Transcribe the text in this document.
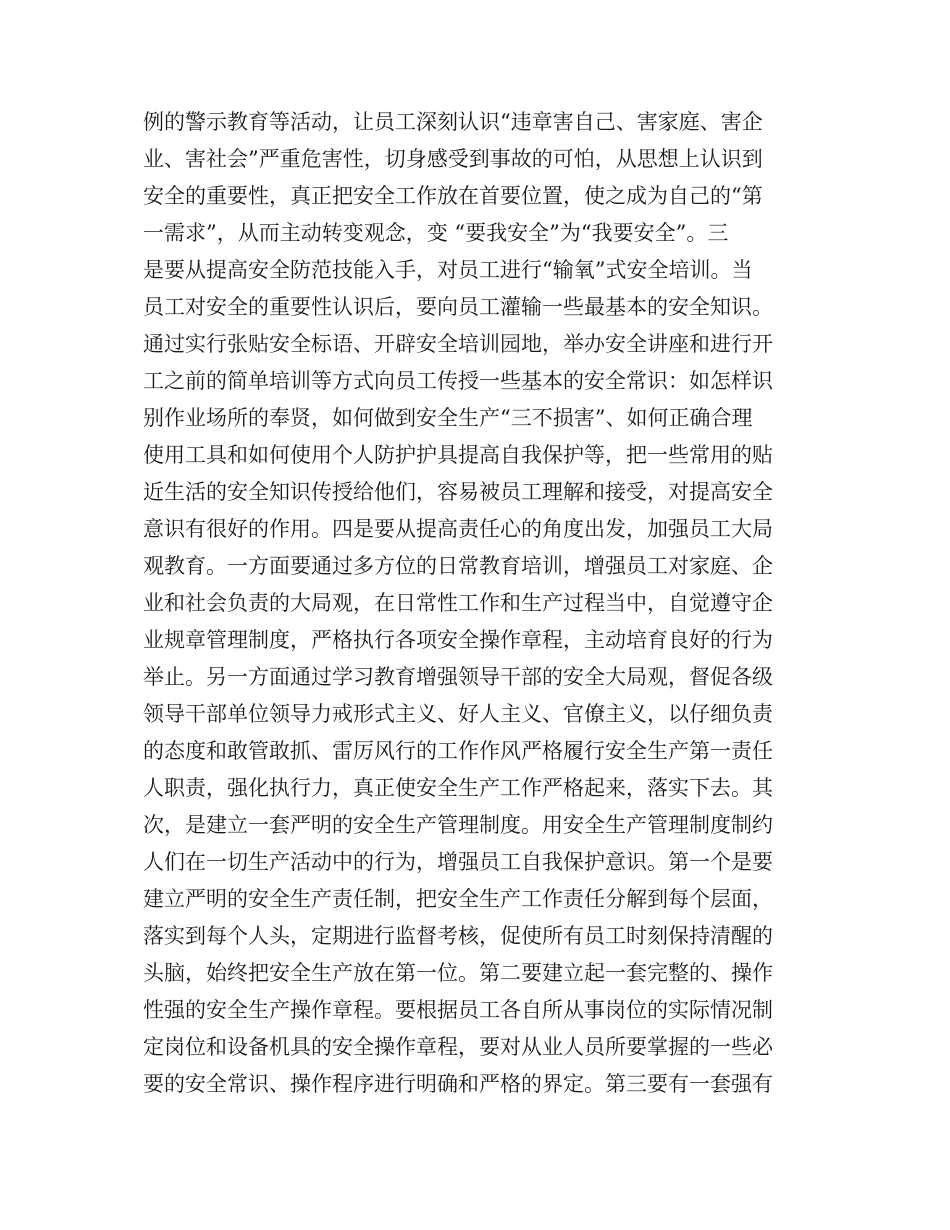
例的警示教育等活动，让员工深刻认识“违章害自己、害家庭、害企
业、害社会”严重危害性，切身感受到事故的可怕，从思想上认识到
安全的重要性，真正把安全工作放在首要位置，使之成为自己的“第
一需求”，从而主动转变观念，变 “要我安全”为“我要安全”。三
是要从提高安全防范技能入手，对员工进行“输氧”式安全培训。当
员工对安全的重要性认识后，要向员工灌输一些最基本的安全知识。
通过实行张贴安全标语、开辟安全培训园地，举办安全讲座和进行开
工之前的简单培训等方式向员工传授一些基本的安全常识：如怎样识
别作业场所的奉贤，如何做到安全生产“三不损害”、如何正确合理
使用工具和如何使用个人防护护具提高自我保护等，把一些常用的贴
近生活的安全知识传授给他们，容易被员工理解和接受，对提高安全
意识有很好的作用。四是要从提高责任心的角度出发，加强员工大局
观教育。一方面要通过多方位的日常教育培训，增强员工对家庭、企
业和社会负责的大局观，在日常性工作和生产过程当中，自觉遵守企
业规章管理制度，严格执行各项安全操作章程，主动培育良好的行为
举止。另一方面通过学习教育增强领导干部的安全大局观，督促各级
领导干部单位领导力戒形式主义、好人主义、官僚主义，以仔细负责
的态度和敢管敢抓、雷厉风行的工作作风严格履行安全生产第一责任
人职责，强化执行力，真正使安全生产工作严格起来，落实下去。其
次，是建立一套严明的安全生产管理制度。用安全生产管理制度制约
人们在一切生产活动中的行为，增强员工自我保护意识。第一个是要
建立严明的安全生产责任制，把安全生产工作责任分解到每个层面，
落实到每个人头，定期进行监督考核，促使所有员工时刻保持清醒的
头脑，始终把安全生产放在第一位。第二要建立起一套完整的、操作
性强的安全生产操作章程。要根据员工各自所从事岗位的实际情况制
定岗位和设备机具的安全操作章程，要对从业人员所要掌握的一些必
要的安全常识、操作程序进行明确和严格的界定。第三要有一套强有
